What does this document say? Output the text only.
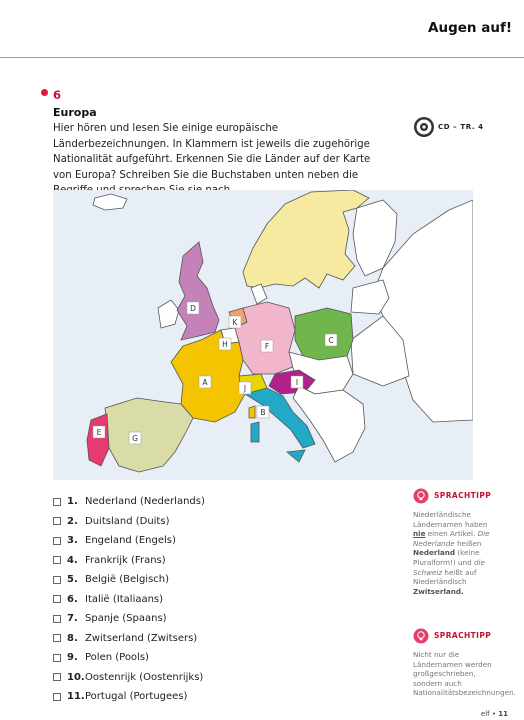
Augen auf!
6
Europa
Hier hören und lesen Sie einige europäische Länderbezeichnungen. In Klammern ist jeweils die zugehörige Nationalität aufgeführt. Erkennen Sie die Länder auf der Karte von Europa? Schreiben Sie die Buchstaben unten neben die
CD – TR. 4
D
K
H	F
C
A
J
I
B
E
G
1. Nederland (Nederlands)
2. Duitsland (Duits)
3. Engeland (Engels)
4. Frankrijk (Frans)
5. België (Belgisch)
6. Italië (Italiaans)
7. Spanje (Spaans)
8. Zwitserland (Zwitsers)
9. Polen (Pools)
10. Oostenrijk (Oostenrijks)
11. Portugal (Portugees)
SPRACHTIPP
Niederländische Ländernamen haben nie einen Artikel. Die Nederlande heißen Nederland (keine Pluralform!) und die Schweiz heißt auf Niederländisch Zwitserland.
SPRACHTIPP
Nicht nur die Ländernamen werden großgeschrieben, sondern auch Nationalitätsbezeichnungen.
elf • 11
